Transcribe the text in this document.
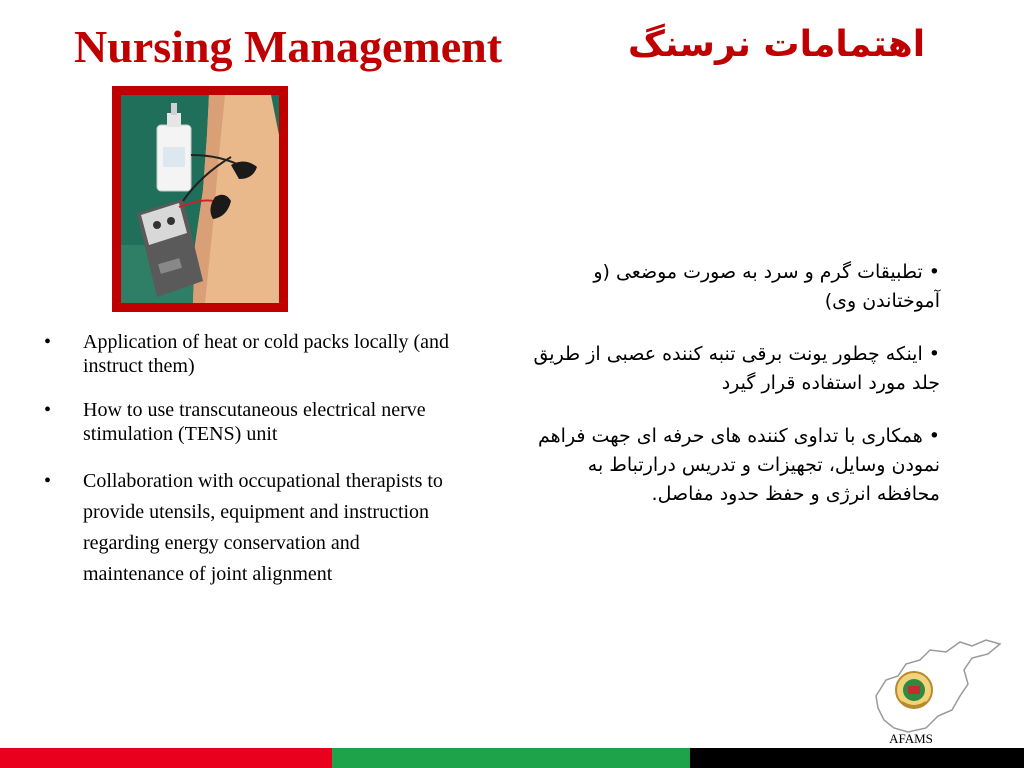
Nursing Management	اهتمامات نرسنگ
• Application of heat or cold packs locally (and instruct them)
• How to use transcutaneous electrical nerve stimulation (TENS) unit
• Collaboration with occupational therapists to provide utensils, equipment and instruction regarding energy conservation and maintenance of joint alignment
• تطبیقات گرم و سرد به صورت موضعی (و آموختاندن وی)
• اینکه چطور یونت برقی تنبه کننده عصبی از طریق جلد مورد استفاده قرار گیرد
• همکاری با تداوی کننده های حرفه ای جهت فراهم نمودن وسایل، تجهیزات و تدریس درارتباط به محافظه انرژی و حفظ حدود مفاصل.
AFAMS
